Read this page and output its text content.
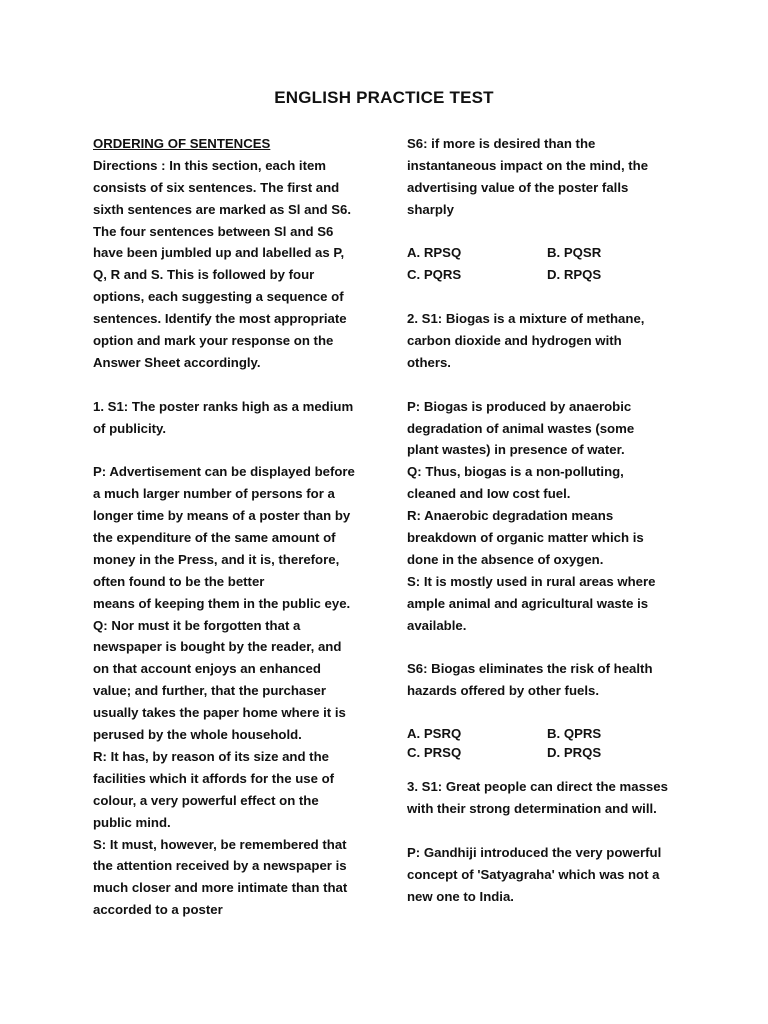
ENGLISH PRACTICE TEST
ORDERING OF SENTENCES
Directions : In this section, each item
consists of six sentences. The first and
sixth sentences are marked as Sl and S6.
The four sentences between Sl and S6
have been jumbled up and labelled as P,
Q, R and S. This is followed by four
options, each suggesting a sequence of
sentences. Identify the most appropriate
option and mark your response on the
Answer Sheet accordingly.
1. S1: The poster ranks high as a medium
of publicity.
P: Advertisement can be displayed before
a much larger number of persons for a
longer time by means of a poster than by
the expenditure of the same amount of
money in the Press, and it is, therefore,
often found to be the better
means of keeping them in the public eye.
Q: Nor must it be forgotten that a
newspaper is bought by the reader, and
on that account enjoys an enhanced
value; and further, that the purchaser
usually takes the paper home where it is
perused by the whole household.
R: It has, by reason of its size and the
facilities which it affords for the use of
colour, a very powerful effect on the
public mind.
S: It must, however, be remembered that
the attention received by a newspaper is
much closer and more intimate than that
accorded to a poster
S6: if more is desired than the
instantaneous impact on the mind, the
advertising value of the poster falls
sharply
A. RPSQ	B. PQSR
C. PQRS	D. RPQS
2. S1: Biogas is a mixture of methane,
carbon dioxide and hydrogen with
others.
P: Biogas is produced by anaerobic
degradation of animal wastes (some
plant wastes) in presence of water.
Q: Thus, biogas is a non-polluting,
cleaned and Iow cost fuel.
R: Anaerobic degradation means
breakdown of organic matter which is
done in the absence of oxygen.
S: It is mostly used in rural areas where
ample animal and agricultural waste is
available.
S6: Biogas eliminates the risk of health
hazards offered by other fuels.
A. PSRQ	B. QPRS
C. PRSQ	D. PRQS
3. S1: Great people can direct the masses
with their strong determination and will.
P: Gandhiji introduced the very powerful
concept of 'Satyagraha' which was not a
new one to India.
